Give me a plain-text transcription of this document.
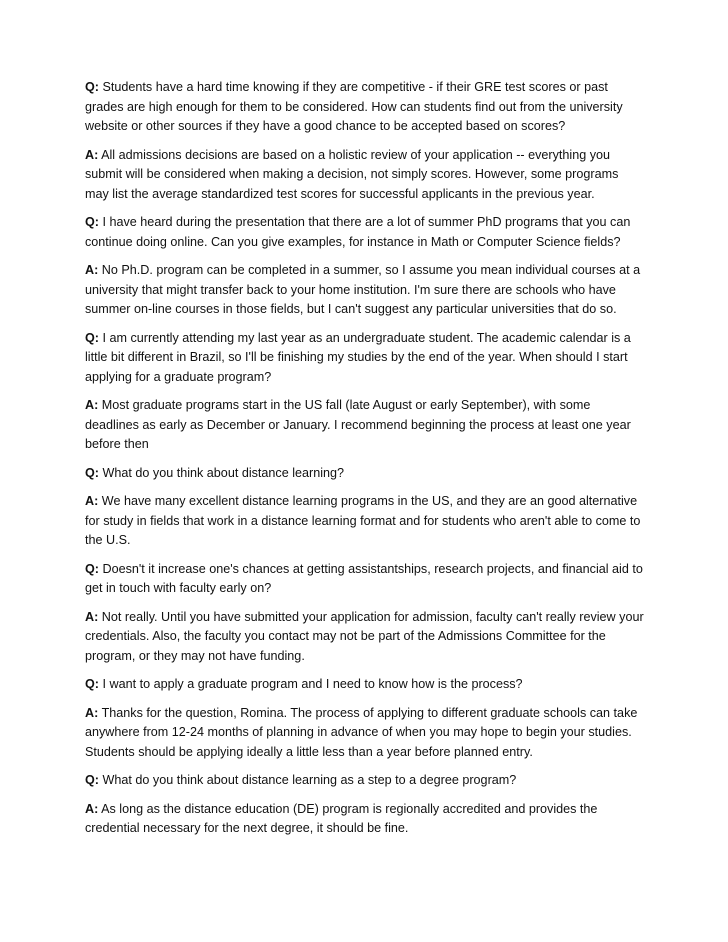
Q: Students have a hard time knowing if they are competitive - if their GRE test scores or past grades are high enough for them to be considered. How can students find out from the university website or other sources if they have a good chance to be accepted based on scores?

A: All admissions decisions are based on a holistic review of your application -- everything you submit will be considered when making a decision, not simply scores. However, some programs may list the average standardized test scores for successful applicants in the previous year.

Q: I have heard during the presentation that there are a lot of summer PhD programs that you can continue doing online. Can you give examples, for instance in Math or Computer Science fields?

A: No Ph.D. program can be completed in a summer, so I assume you mean individual courses at a university that might transfer back to your home institution. I'm sure there are schools who have summer on-line courses in those fields, but I can't suggest any particular universities that do so.

Q: I am currently attending my last year as an undergraduate student. The academic calendar is a little bit different in Brazil, so I'll be finishing my studies by the end of the year. When should I start applying for a graduate program?

A: Most graduate programs start in the US fall (late August or early September), with some deadlines as early as December or January. I recommend beginning the process at least one year before then

Q: What do you think about distance learning?

A: We have many excellent distance learning programs in the US, and they are an good alternative for study in fields that work in a distance learning format and for students who aren't able to come to the U.S.

Q: Doesn't it increase one's chances at getting assistantships, research projects, and financial aid to get in touch with faculty early on?

A: Not really. Until you have submitted your application for admission, faculty can't really review your credentials. Also, the faculty you contact may not be part of the Admissions Committee for the program, or they may not have funding.

Q: I want to apply a graduate program and I need to know how is the process?

A: Thanks for the question, Romina. The process of applying to different graduate schools can take anywhere from 12-24 months of planning in advance of when you may hope to begin your studies. Students should be applying ideally a little less than a year before planned entry.

Q: What do you think about distance learning as a step to a degree program?

A: As long as the distance education (DE) program is regionally accredited and provides the credential necessary for the next degree, it should be fine.
